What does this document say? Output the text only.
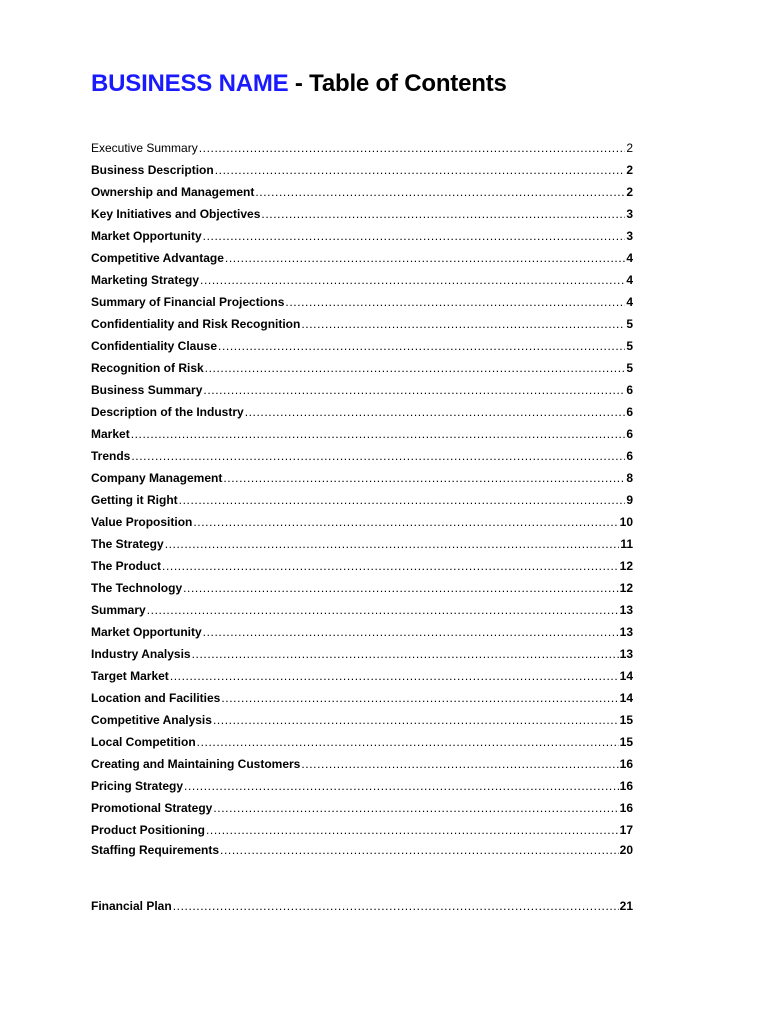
BUSINESS NAME - Table of Contents
Executive Summary .....	2
Business Description .....	2
Ownership and Management .....	2
Key Initiatives and Objectives .....	3
Market Opportunity .....	3
Competitive Advantage .....	4
Marketing Strategy .....	4
Summary of Financial Projections .....	4
Confidentiality and Risk Recognition .....	5
Confidentiality Clause .....	5
Recognition of Risk .....	5
Business Summary .....	6
Description of the Industry .....	6
Market .....	6
Trends .....	6
Company Management .....	8
Getting it Right .....	9
Value Proposition .....	10
The Strategy .....	11
The Product .....	12
The Technology .....	12
Summary .....	13
Market Opportunity .....	13
Industry Analysis .....	13
Target Market .....	14
Location and Facilities .....	14
Competitive Analysis .....	15
Local Competition .....	15
Creating and Maintaining Customers .....	16
Pricing Strategy .....	16
Promotional Strategy .....	16
Product Positioning .....	17
Staffing Requirements .....	20
Financial Plan .....	21
